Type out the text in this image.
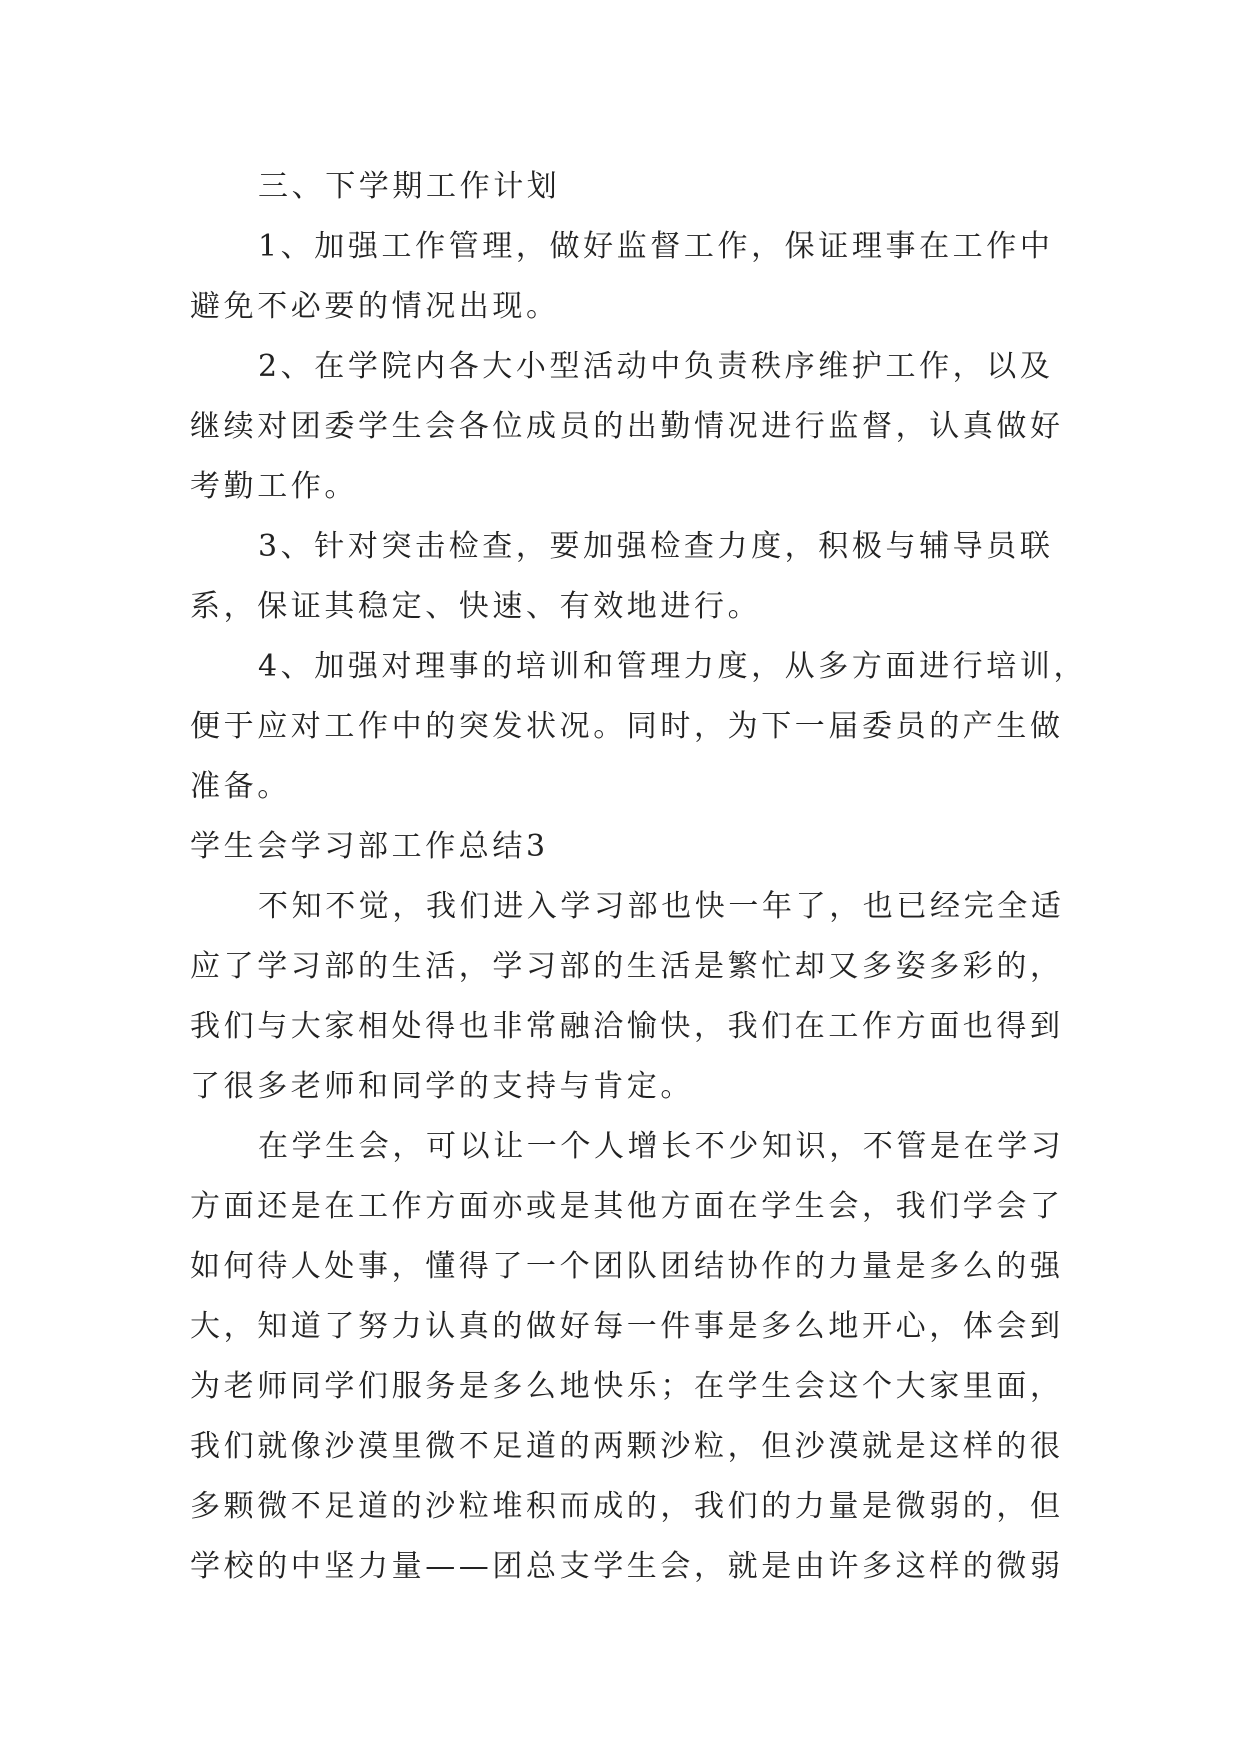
三、下学期工作计划
1、加强工作管理，做好监督工作，保证理事在工作中
避免不必要的情况出现。
2、在学院内各大小型活动中负责秩序维护工作，以及
继续对团委学生会各位成员的出勤情况进行监督，认真做好
考勤工作。
3、针对突击检查，要加强检查力度，积极与辅导员联
系，保证其稳定、快速、有效地进行。
4、加强对理事的培训和管理力度，从多方面进行培训，
便于应对工作中的突发状况。同时，为下一届委员的产生做
准备。
学生会学习部工作总结3
不知不觉，我们进入学习部也快一年了，也已经完全适
应了学习部的生活，学习部的生活是繁忙却又多姿多彩的，
我们与大家相处得也非常融洽愉快，我们在工作方面也得到
了很多老师和同学的支持与肯定。
在学生会，可以让一个人增长不少知识，不管是在学习
方面还是在工作方面亦或是其他方面在学生会，我们学会了
如何待人处事，懂得了一个团队团结协作的力量是多么的强
大，知道了努力认真的做好每一件事是多么地开心，体会到
为老师同学们服务是多么地快乐；在学生会这个大家里面，
我们就像沙漠里微不足道的两颗沙粒，但沙漠就是这样的很
多颗微不足道的沙粒堆积而成的，我们的力量是微弱的，但
学校的中坚力量——团总支学生会，就是由许多这样的微弱
